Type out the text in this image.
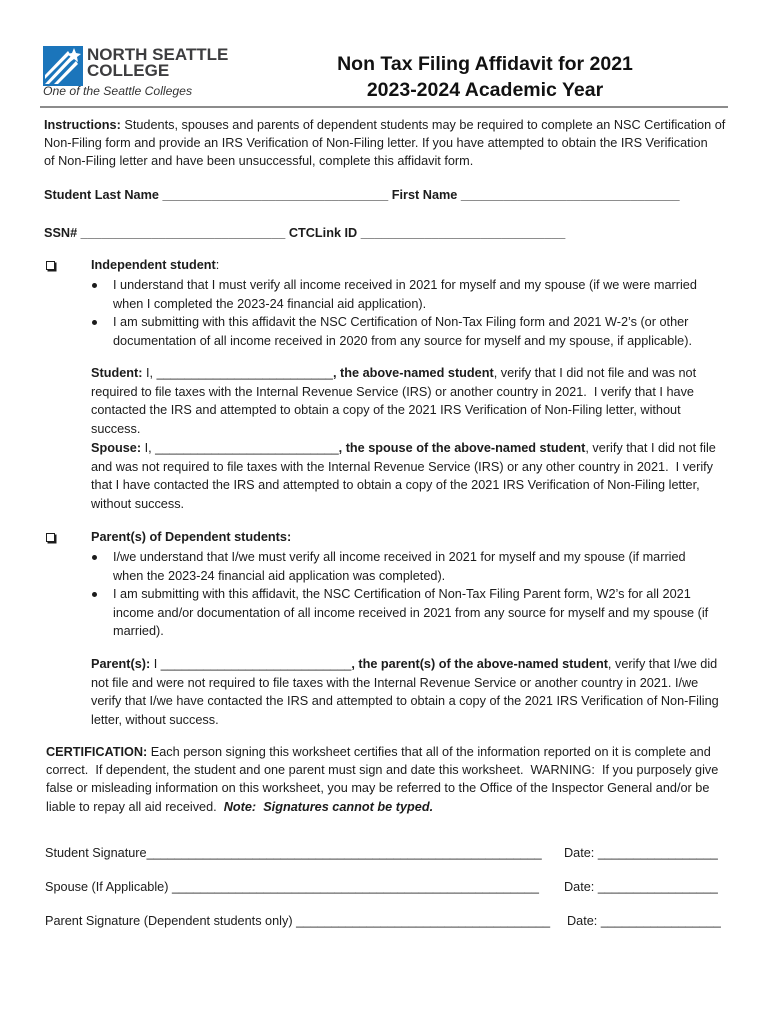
NORTH SEATTLE
COLLEGE
One of the Seattle Colleges
Non Tax Filing Affidavit for 2021
2023-2024 Academic Year
Instructions: Students, spouses and parents of dependent students may be required to complete an NSC Certification of
Non-Filing form and provide an IRS Verification of Non-Filing letter. If you have attempted to obtain the IRS Verification
of Non-Filing letter and have been unsuccessful, complete this affidavit form.
Student Last Name ________________________________ First Name _______________________________
SSN# _____________________________ CTCLink ID _____________________________
Independent student:
I understand that I must verify all income received in 2021 for myself and my spouse (if we were married
when I completed the 2023-24 financial aid application).
I am submitting with this affidavit the NSC Certification of Non-Tax Filing form and 2021 W-2’s (or other
documentation of all income received in 2020 from any source for myself and my spouse, if applicable).
Student: I, _________________________, the above-named student, verify that I did not file and was not
required to file taxes with the Internal Revenue Service (IRS) or another country in 2021.  I verify that I have
contacted the IRS and attempted to obtain a copy of the 2021 IRS Verification of Non-Filing letter, without
success.
Spouse: I, __________________________, the spouse of the above-named student, verify that I did not file
and was not required to file taxes with the Internal Revenue Service (IRS) or any other country in 2021.  I verify
that I have contacted the IRS and attempted to obtain a copy of the 2021 IRS Verification of Non-Filing letter,
without success.
Parent(s) of Dependent students:
I/we understand that I/we must verify all income received in 2021 for myself and my spouse (if married
when the 2023-24 financial aid application was completed).
I am submitting with this affidavit, the NSC Certification of Non-Tax Filing Parent form, W2’s for all 2021
income and/or documentation of all income received in 2021 from any source for myself and my spouse (if
married).
Parent(s): I ___________________________, the parent(s) of the above-named student, verify that I/we did
not file and were not required to file taxes with the Internal Revenue Service or another country in 2021. I/we
verify that I/we have contacted the IRS and attempted to obtain a copy of the 2021 IRS Verification of Non-Filing
letter, without success.
CERTIFICATION: Each person signing this worksheet certifies that all of the information reported on it is complete and
correct.  If dependent, the student and one parent must sign and date this worksheet.  WARNING:  If you purposely give
false or misleading information on this worksheet, you may be referred to the Office of the Inspector General and/or be
liable to repay all aid received.  Note:  Signatures cannot be typed.
Student Signature________________________________________________________	Date: _________________
Spouse (If Applicable) ____________________________________________________	Date: _________________
Parent Signature (Dependent students only) ____________________________________	Date: _________________
